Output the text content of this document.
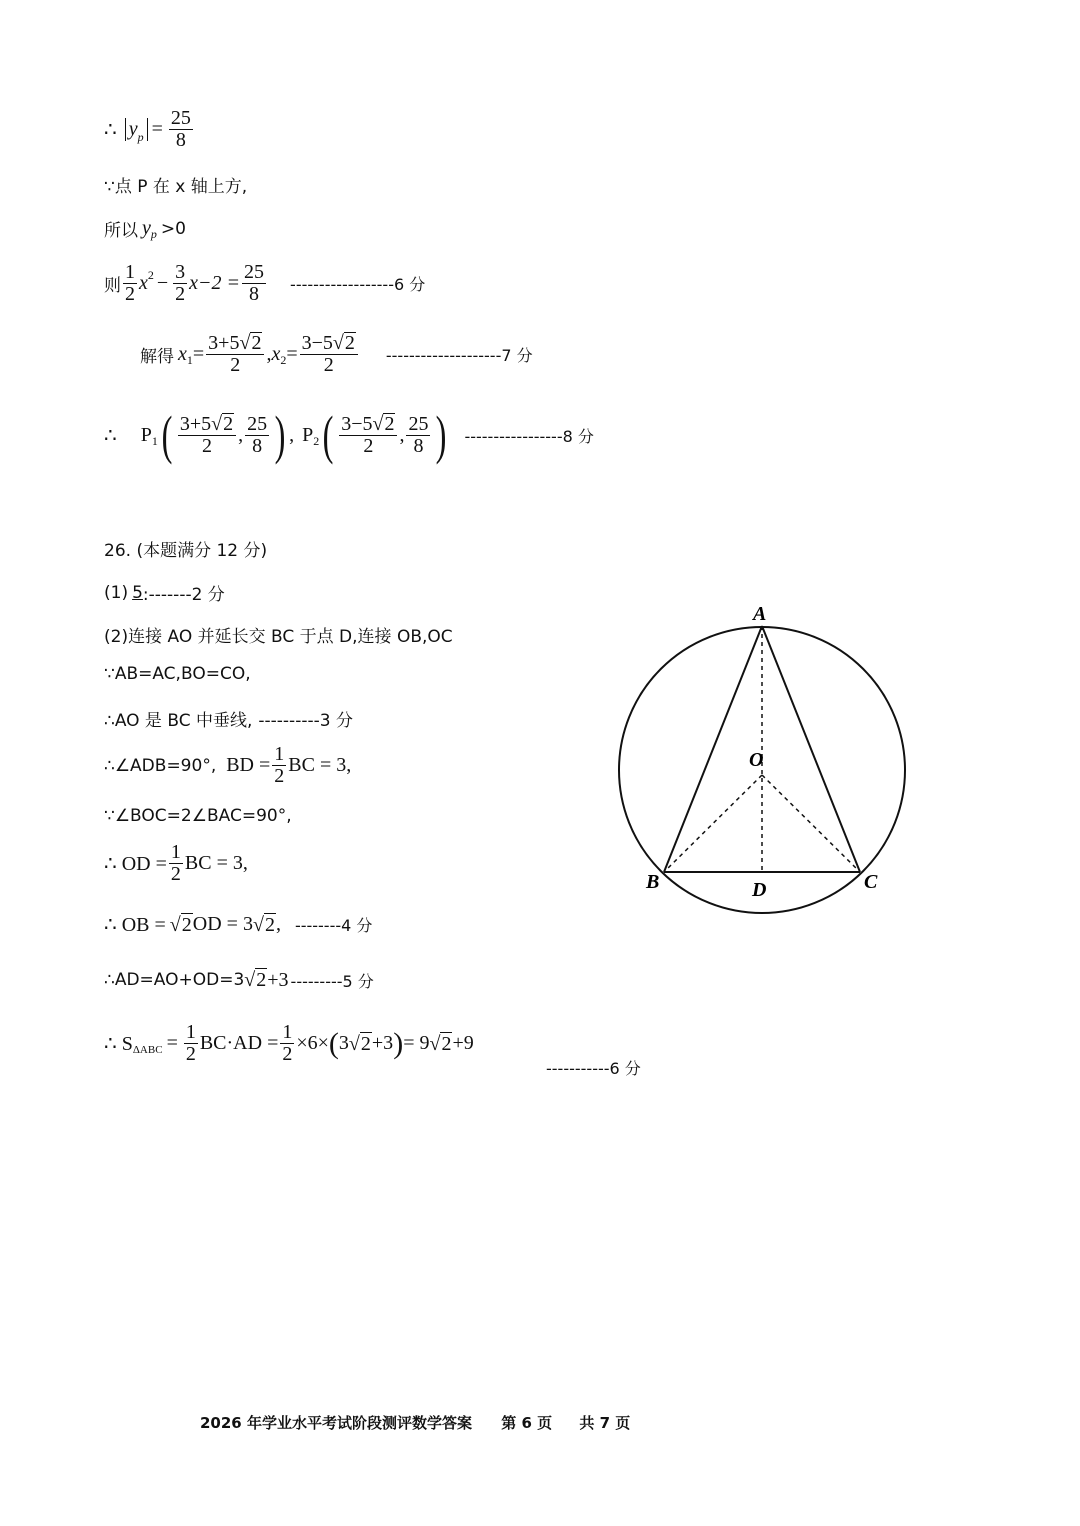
∴ $y_p = \frac{25}{8}$
∵点 P 在 x 轴上方,
所以 y p >0
则 $\frac{1}{2}$ x $2 - \frac{3}{2} x-2 = \frac{25}{8} ------------------6$ 分
解得 x $1 = \frac{3+5√ 2}{2}$ , x $2 = \frac{3-5√ 2}{2} --------------------7$ 分
∴ P 1 ( $\frac{3+5√ 2}{2}$ , $\frac{25}{8}$ ) , P 2 ( $\frac{3-5√ 2}{2}$ , $\frac{25}{8}$ ) -----------------8 分
26. (本题满分 12 分)
(1) 5 :-------2 分
(2)连接 AO 并延长交 BC 于点 D,连接 OB,OC
∵AB=AC,BO=CO,
∴AO 是 BC 中垂线, ----------3 分
∴∠ADB=90°, BD = $\frac{1}{2}$ BC = 3,
∵∠BOC=2∠BAC=90°,
∴ OD = $\frac{1}{2}$ BC = 3,
∴ OB = √ 2 OD = 3 √ 2 , --------4 分
∴AD=AO+OD=3 √ 2 +3 ---------5 分
∴ S $\Delta ABC = \frac{1}{2} BC\cdot AD = \frac{1}{2} \times 6\times$ ( 3 √ 2 +3 ) = 9 √ 2 +9
-----------6 分
A
O
B	D	C
2026 年学业水平考试阶段测评数学答案 第 6 页 共 7 页
